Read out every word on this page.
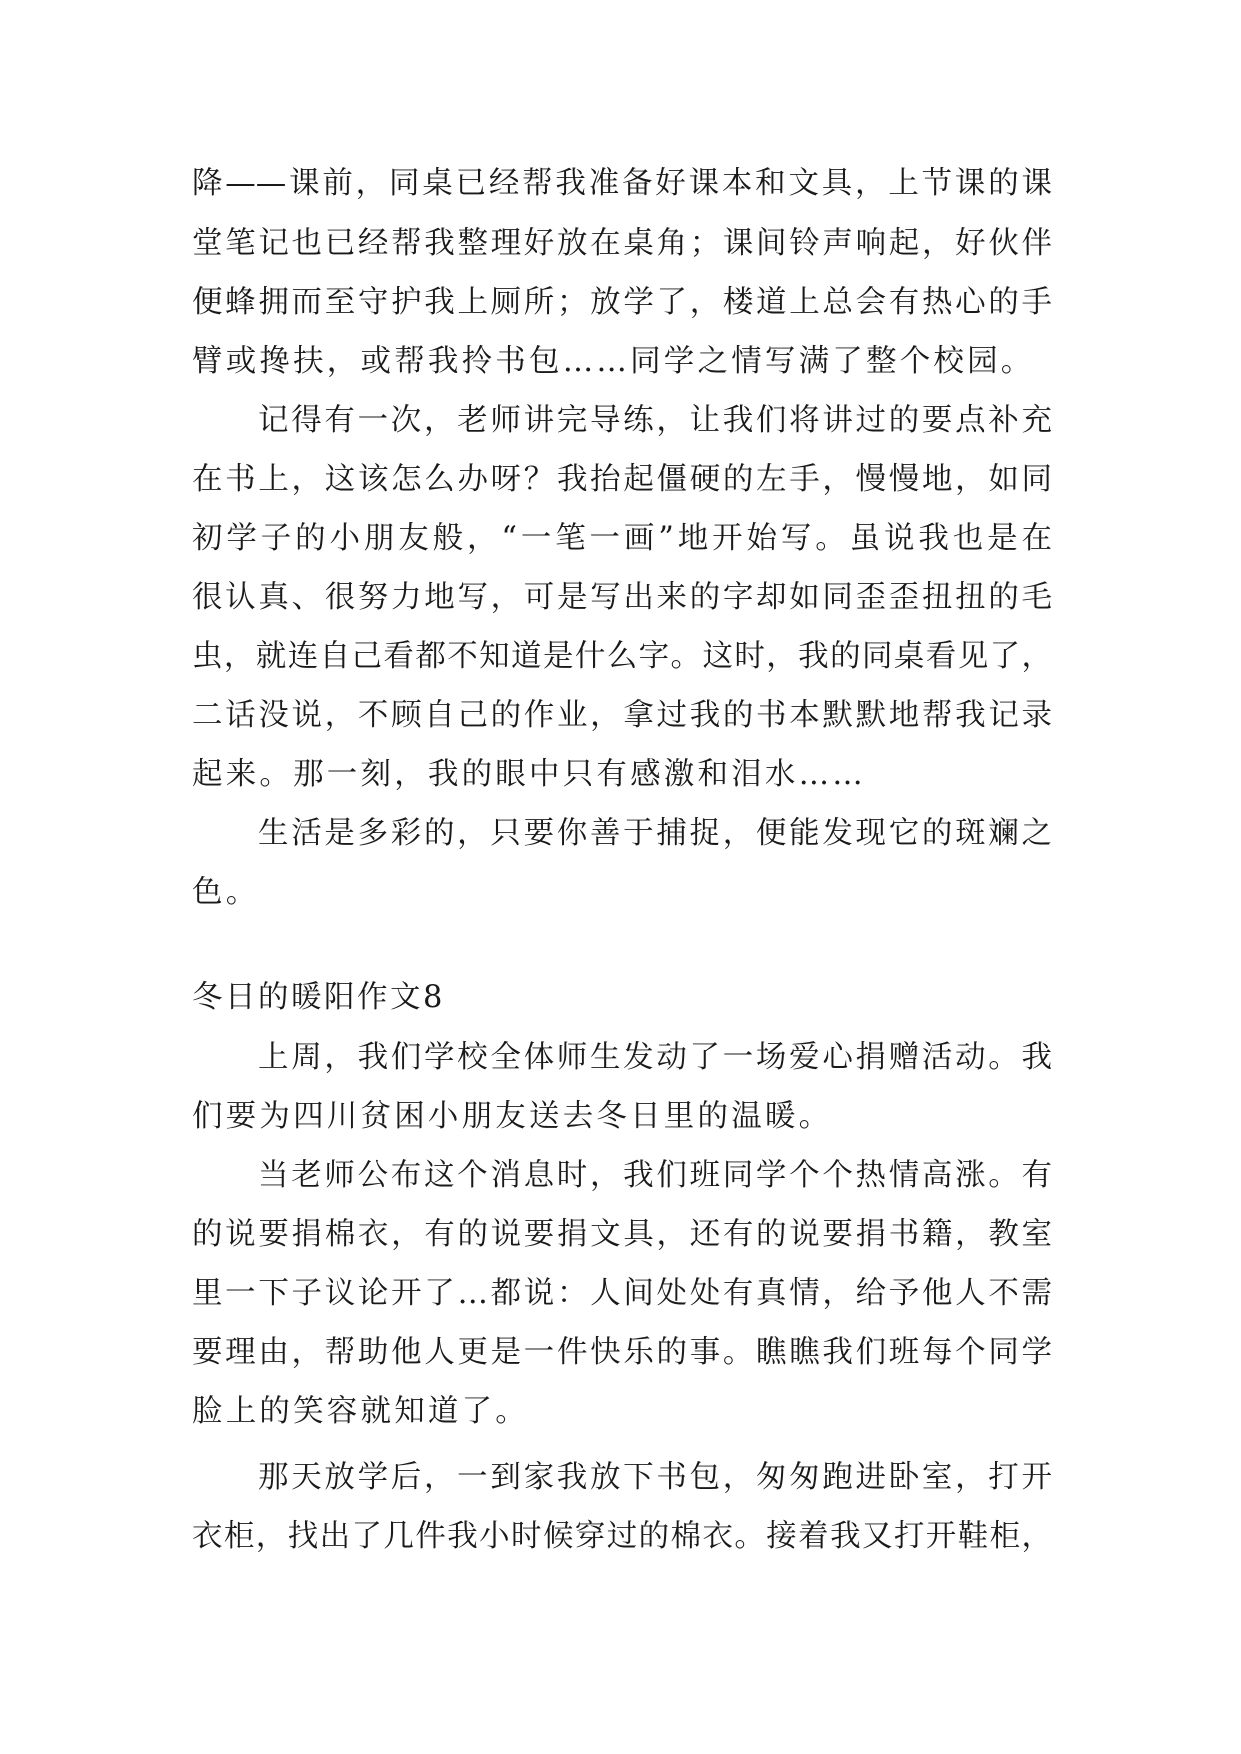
降——课前，同桌已经帮我准备好课本和文具，上节课的课

堂笔记也已经帮我整理好放在桌角；课间铃声响起，好伙伴

便蜂拥而至守护我上厕所；放学了，楼道上总会有热心的手

臂或搀扶，或帮我拎书包……同学之情写满了整个校园。

记得有一次，老师讲完导练，让我们将讲过的要点补充

在书上，这该怎么办呀？我抬起僵硬的左手，慢慢地，如同

初学子的小朋友般，“一笔一画”地开始写。虽说我也是在

很认真、很努力地写，可是写出来的字却如同歪歪扭扭的毛

虫，就连自己看都不知道是什么字。这时，我的同桌看见了，

二话没说，不顾自己的作业，拿过我的书本默默地帮我记录

起来。那一刻，我的眼中只有感激和泪水……

生活是多彩的，只要你善于捕捉，便能发现它的斑斓之

色。

冬日的暖阳作文8

上周，我们学校全体师生发动了一场爱心捐赠活动。我

们要为四川贫困小朋友送去冬日里的温暖。

当老师公布这个消息时，我们班同学个个热情高涨。有

的说要捐棉衣，有的说要捐文具，还有的说要捐书籍，教室

里一下子议论开了…都说：人间处处有真情，给予他人不需

要理由，帮助他人更是一件快乐的事。瞧瞧我们班每个同学

脸上的笑容就知道了。

那天放学后，一到家我放下书包，匆匆跑进卧室，打开

衣柜，找出了几件我小时候穿过的棉衣。接着我又打开鞋柜，
